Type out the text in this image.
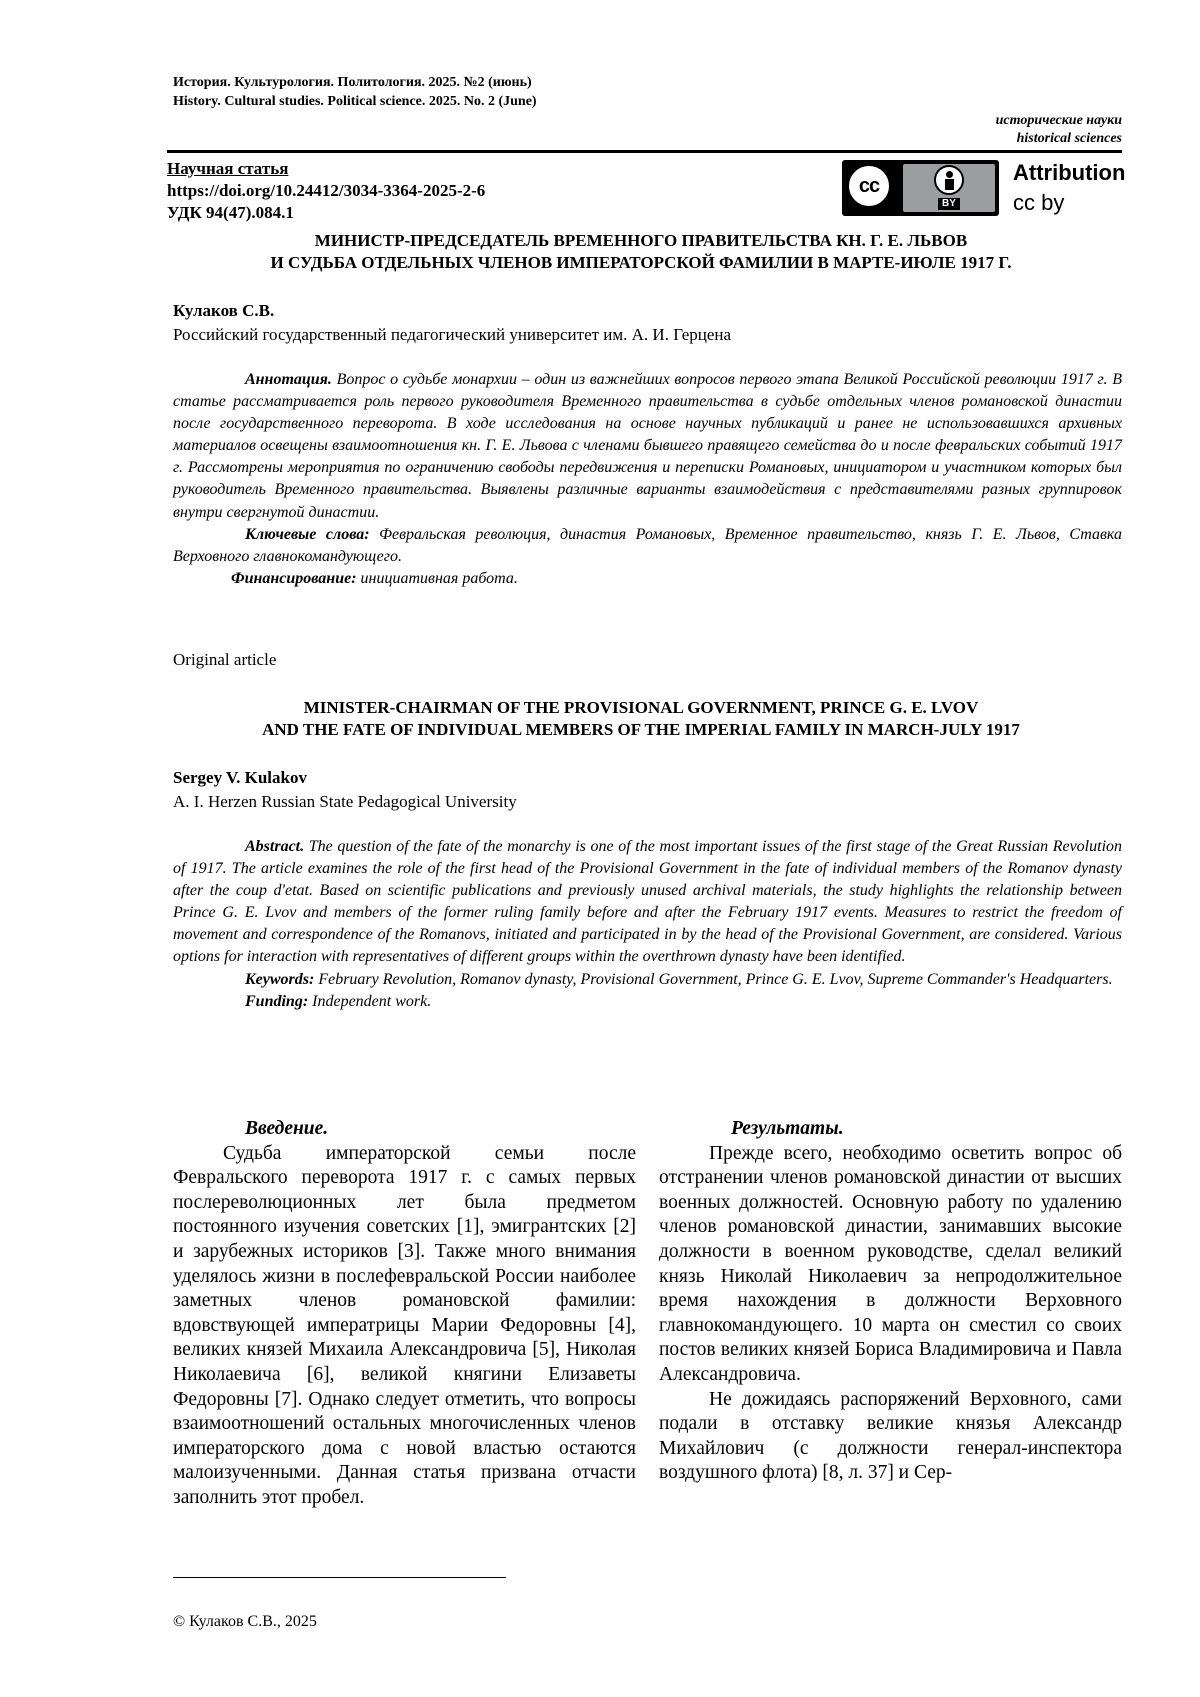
История. Культурология. Политология. 2025. №2 (июнь)
History. Cultural studies. Political science. 2025. No. 2 (June)
исторические науки
historical sciences
Научная статья
https://doi.org/10.24412/3034-3364-2025-2-6
УДК 94(47).084.1
cc
BY
Attribution
cc by
МИНИСТР-ПРЕДСЕДАТЕЛЬ ВРЕМЕННОГО ПРАВИТЕЛЬСТВА КН. Г. Е. ЛЬВОВ
И СУДЬБА ОТДЕЛЬНЫХ ЧЛЕНОВ ИМПЕРАТОРСКОЙ ФАМИЛИИ В МАРТЕ-ИЮЛЕ 1917 Г.
Кулаков С.В.
Российский государственный педагогический университет им. А. И. Герцена
Аннотация. Вопрос о судьбе монархии – один из важнейших вопросов первого этапа Великой Российской революции 1917 г. В статье рассматривается роль первого руководителя Временного правительства в судьбе отдельных членов романовской династии после государственного переворота. В ходе исследования на основе научных публикаций и ранее не использовавшихся архивных материалов освещены взаимоотношения кн. Г. Е. Львова с членами бывшего правящего семейства до и после февральских событий 1917 г. Рассмотрены мероприятия по ограничению свободы передвижения и переписки Романовых, инициатором и участником которых был руководитель Временного правительства. Выявлены различные варианты взаимодействия с представителями разных группировок внутри свергнутой династии.
Ключевые слова: Февральская революция, династия Романовых, Временное правительство, князь Г. Е. Львов, Ставка Верховного главнокомандующего.
Финансирование: инициативная работа.
Original article
MINISTER-CHAIRMAN OF THE PROVISIONAL GOVERNMENT, PRINCE G. E. LVOV
AND THE FATE OF INDIVIDUAL MEMBERS OF THE IMPERIAL FAMILY IN MARCH-JULY 1917
Sergey V. Kulakov
A. I. Herzen Russian State Pedagogical University
Abstract. The question of the fate of the monarchy is one of the most important issues of the first stage of the Great Russian Revolution of 1917. The article examines the role of the first head of the Provisional Government in the fate of individual members of the Romanov dynasty after the coup d'etat. Based on scientific publications and previously unused archival materials, the study highlights the relationship between Prince G. E. Lvov and members of the former ruling family before and after the February 1917 events. Measures to restrict the freedom of movement and correspondence of the Romanovs, initiated and participated in by the head of the Provisional Government, are considered. Various options for interaction with representatives of different groups within the overthrown dynasty have been identified.
Keywords: February Revolution, Romanov dynasty, Provisional Government, Prince G. E. Lvov, Supreme Commander's Headquarters.
Funding: Independent work.
Введение.

Судьба императорской семьи после Февральского переворота 1917 г. с самых первых послереволюционных лет была предметом постоянного изучения советских [1], эмигрантских [2] и зарубежных историков [3]. Также много внимания уделялось жизни в послефевральской России наиболее заметных членов романовской фамилии: вдовствующей императрицы Марии Федоровны [4], великих князей Михаила Александровича [5], Николая Николаевича [6], великой княгини Елизаветы Федоровны [7]. Однако следует отметить, что вопросы взаимоотношений остальных многочисленных членов императорского дома с новой властью остаются малоизученными. Данная статья призвана отчасти заполнить этот пробел.

Результаты.

Прежде всего, необходимо осветить вопрос об отстранении членов романовской династии от высших военных должностей. Основную работу по удалению членов романовской династии, занимавших высокие должности в военном руководстве, сделал великий князь Николай Николаевич за непродолжительное время нахождения в должности Верховного главнокомандующего. 10 марта он сместил со своих постов великих князей Бориса Владимировича и Павла Александровича.

Не дожидаясь распоряжений Верховного, сами подали в отставку великие князья Александр Михайлович (с должности генерал-инспектора воздушного флота) [8, л. 37] и Сер-

© Кулаков С.В., 2025
